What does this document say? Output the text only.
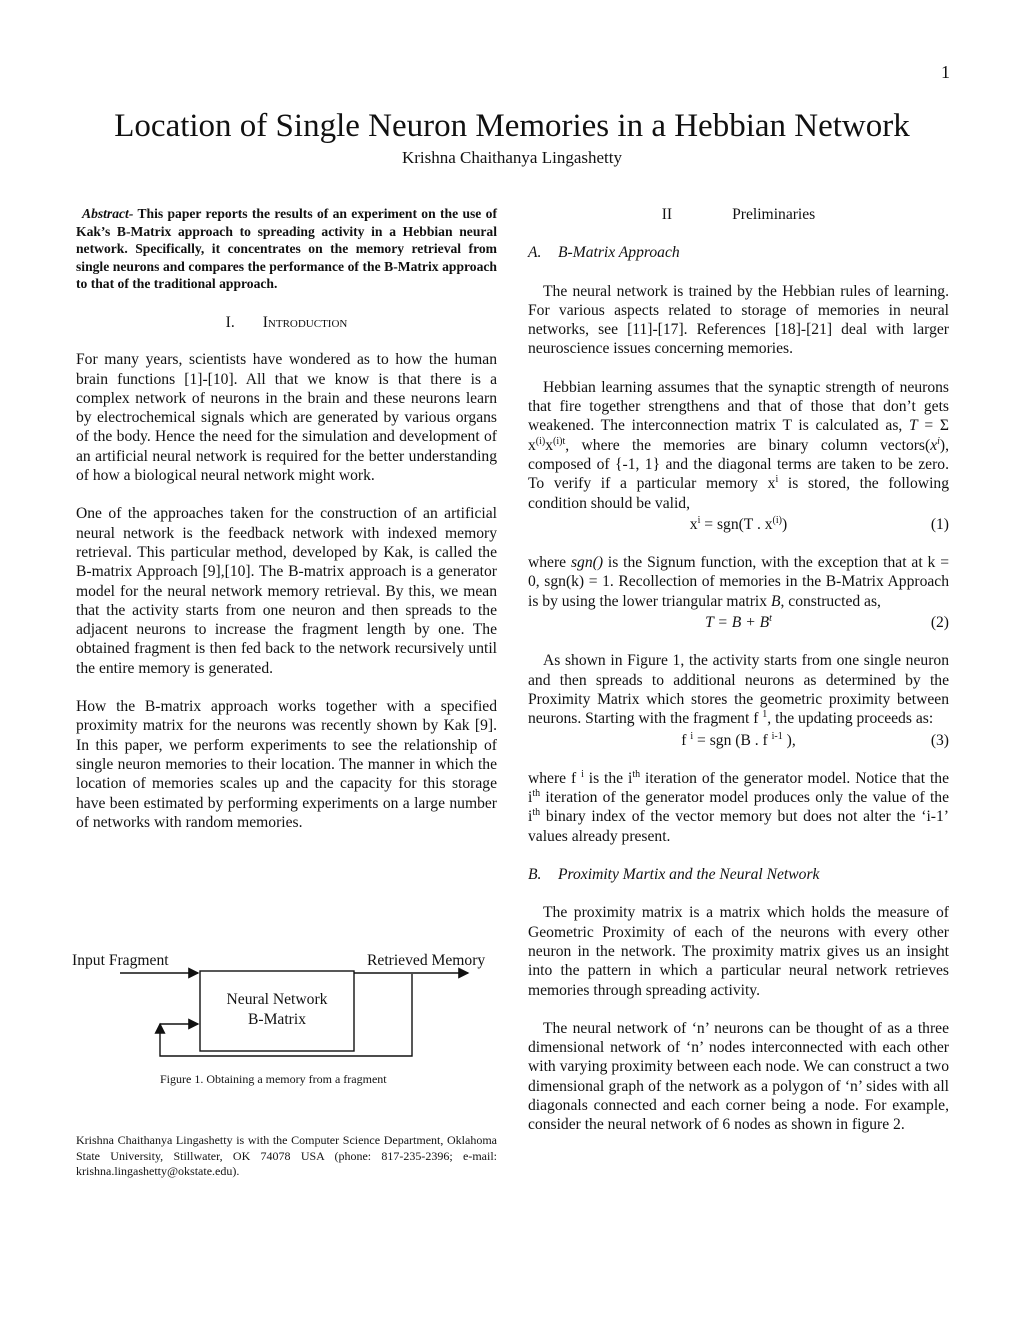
1
Location of Single Neuron Memories in a Hebbian Network
Krishna Chaithanya Lingashetty

Abstract- This paper reports the results of an experiment on the use of Kak’s B-Matrix approach to spreading activity in a Hebbian neural network. Specifically, it concentrates on the memory retrieval from single neurons and compares the performance of the B-Matrix approach to that of the traditional approach.

I. Introduction

For many years, scientists have wondered as to how the human brain functions [1]-[10]. All that we know is that there is a complex network of neurons in the brain and these neurons learn by electrochemical signals which are generated by various organs of the body. Hence the need for the simulation and development of an artificial neural network is required for the better understanding of how a biological neural network might work.

One of the approaches taken for the construction of an artificial neural network is the feedback network with indexed memory retrieval. This particular method, developed by Kak, is called the B-matrix Approach [9],[10]. The B-matrix approach is a generator model for the neural network memory retrieval. By this, we mean that the activity starts from one neuron and then spreads to the adjacent neurons to increase the fragment length by one. The obtained fragment is then fed back to the network recursively until the entire memory is generated.

How the B-matrix approach works together with a specified proximity matrix for the neurons was recently shown by Kak [9]. In this paper, we perform experiments to see the relationship of single neuron memories to their location. The manner in which the location of memories scales up and the capacity for this storage have been estimated by performing experiments on a large number of networks with random memories.

Input Fragment	Retrieved Memory
Neural Network
B-Matrix
Figure 1. Obtaining a memory from a fragment
Krishna Chaithanya Lingashetty is with the Computer Science Department, Oklahoma State University, Stillwater, OK 74078 USA (phone: 817-235-2396; e-mail: krishna.lingashetty@okstate.edu).
II	Preliminaries

A. B-Matrix Approach

The neural network is trained by the Hebbian rules of learning. For various aspects related to storage of memories in neural networks, see [11]-[17]. References [18]-[21] deal with larger neuroscience issues concerning memories.

Hebbian learning assumes that the synaptic strength of neurons that fire together strengthens and that of those that don’t gets weakened. The interconnection matrix T is calculated as, T = Σ $x^{(i)}x^{(i)t}$, where the memories are binary column $vectors(x^i)$, composed of {-1, 1} and the diagonal terms are taken to be zero. To verify if a particular memory $x^i$ is stored, the following condition should be valid,

$x^i = sgn(T$ . $x^{(i)}$)	(1)

where sgn() is the Signum function, with the exception that at k = 0, sgn(k) = 1. Recollection of memories in the B-Matrix Approach is by using the lower triangular matrix B, constructed as,

$T = B + B^t$	(2)

As shown in Figure 1, the activity starts from one single neuron and then spreads to additional neurons as determined by the Proximity Matrix which stores the geometric proximity between neurons. Starting with the fragment f $^1$, the updating proceeds as:

f $^i$ = sgn (B . f $^{i-1}$ ),	(3)

where f $^i$ is the $i^{th}$ iteration of the generator model. Notice that the $i^{th}$ iteration of the generator model produces only the value of the $i^{th}$ binary index of the vector memory but does not alter the ‘i-1’ values already present.

B. Proximity Martix and the Neural Network

The proximity matrix is a matrix which holds the measure of Geometric Proximity of each of the neurons with every other neuron in the network. The proximity matrix gives us an insight into the pattern in which a particular neural network retrieves memories through spreading activity.

The neural network of ‘n’ neurons can be thought of as a three dimensional network of ‘n’ nodes interconnected with each other with varying proximity between each node. We can construct a two dimensional graph of the network as a polygon of ‘n’ sides with all diagonals connected and each corner being a node. For example, consider the neural network of 6 nodes as shown in figure 2.
